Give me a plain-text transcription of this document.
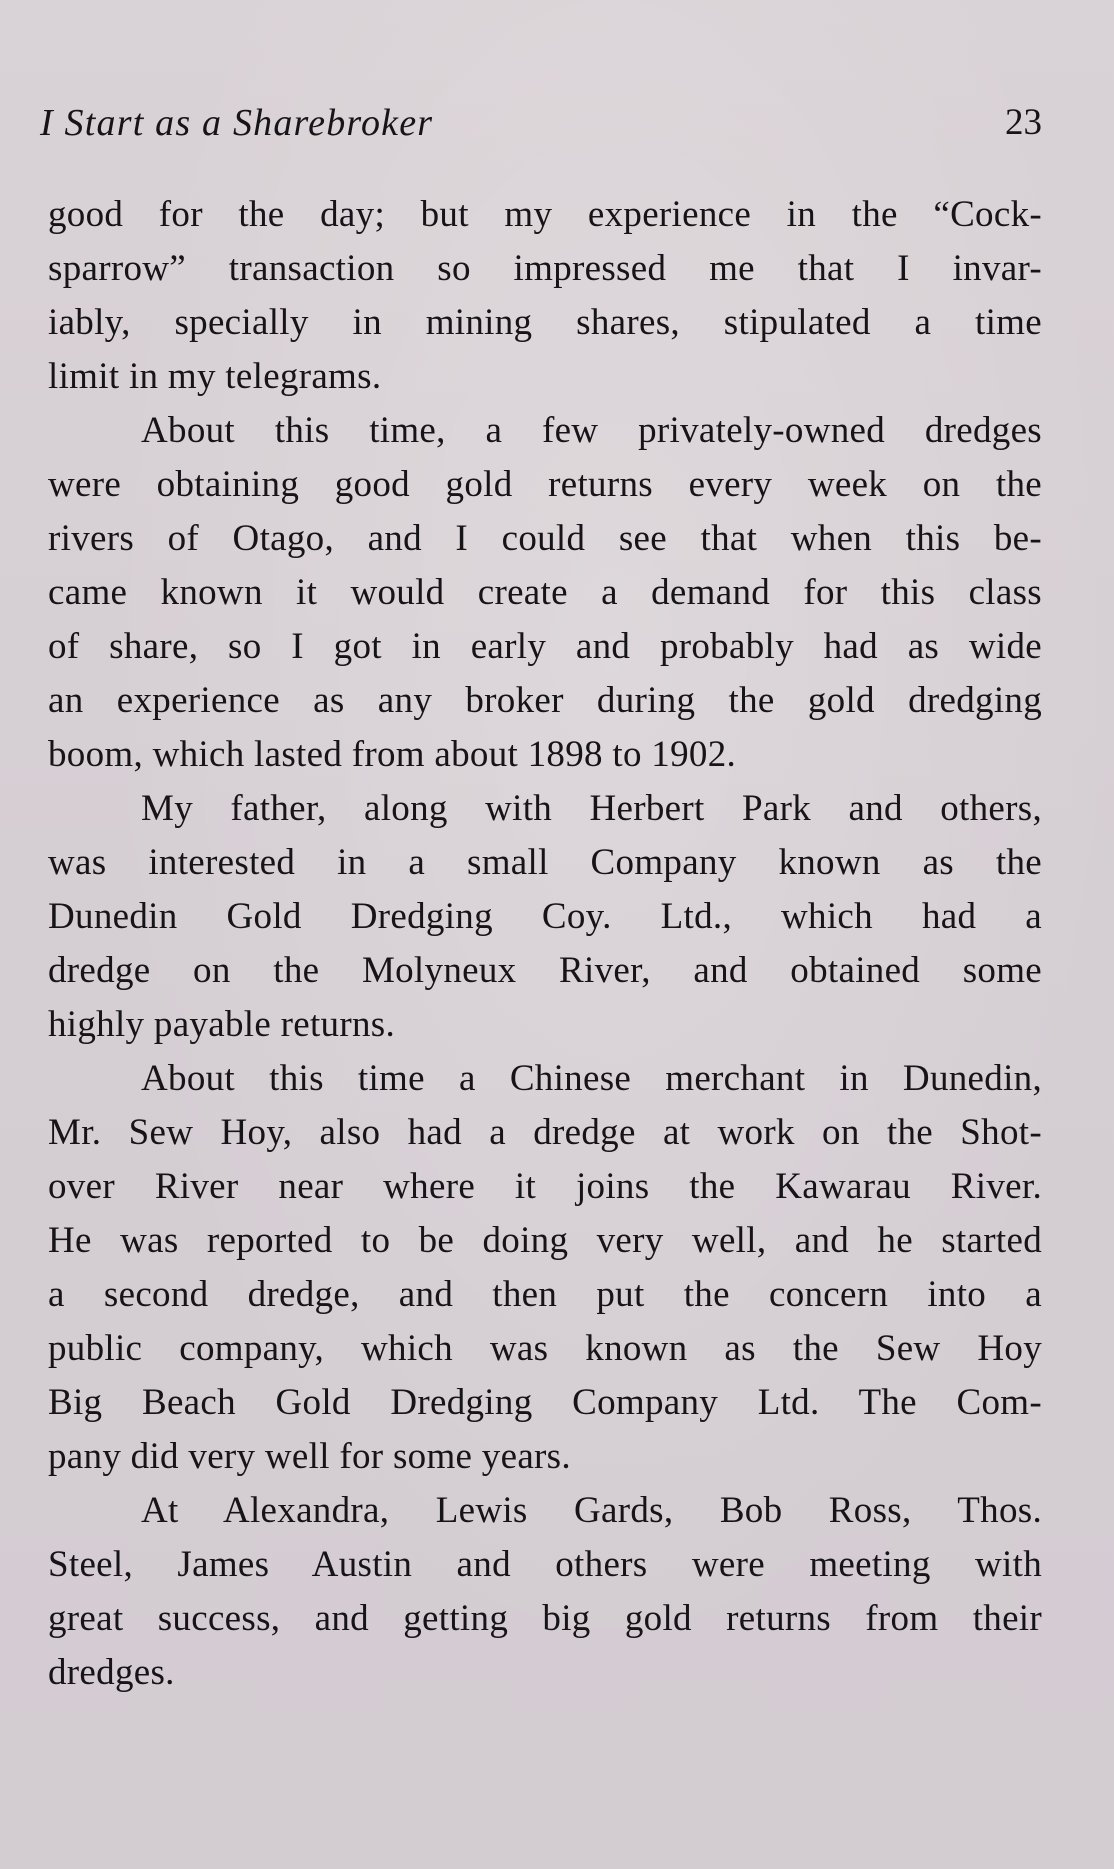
I Start as a Sharebroker	23
good for the day; but my experience in the “Cock-
sparrow” transaction so impressed me that I invar-
iably, specially in mining shares, stipulated a time
limit in my telegrams.
About this time, a few privately-owned dredges
were obtaining good gold returns every week on the
rivers of Otago, and I could see that when this be-
came known it would create a demand for this class
of share, so I got in early and probably had as wide
an experience as any broker during the gold dredging
boom, which lasted from about 1898 to 1902.
My father, along with Herbert Park and others,
was interested in a small Company known as the
Dunedin Gold Dredging Coy. Ltd., which had a
dredge on the Molyneux River, and obtained some
highly payable returns.
About this time a Chinese merchant in Dunedin,
Mr. Sew Hoy, also had a dredge at work on the Shot-
over River near where it joins the Kawarau River.
He was reported to be doing very well, and he started
a second dredge, and then put the concern into a
public company, which was known as the Sew Hoy
Big Beach Gold Dredging Company Ltd. The Com-
pany did very well for some years.
At Alexandra, Lewis Gards, Bob Ross, Thos.
Steel, James Austin and others were meeting with
great success, and getting big gold returns from their
dredges.
